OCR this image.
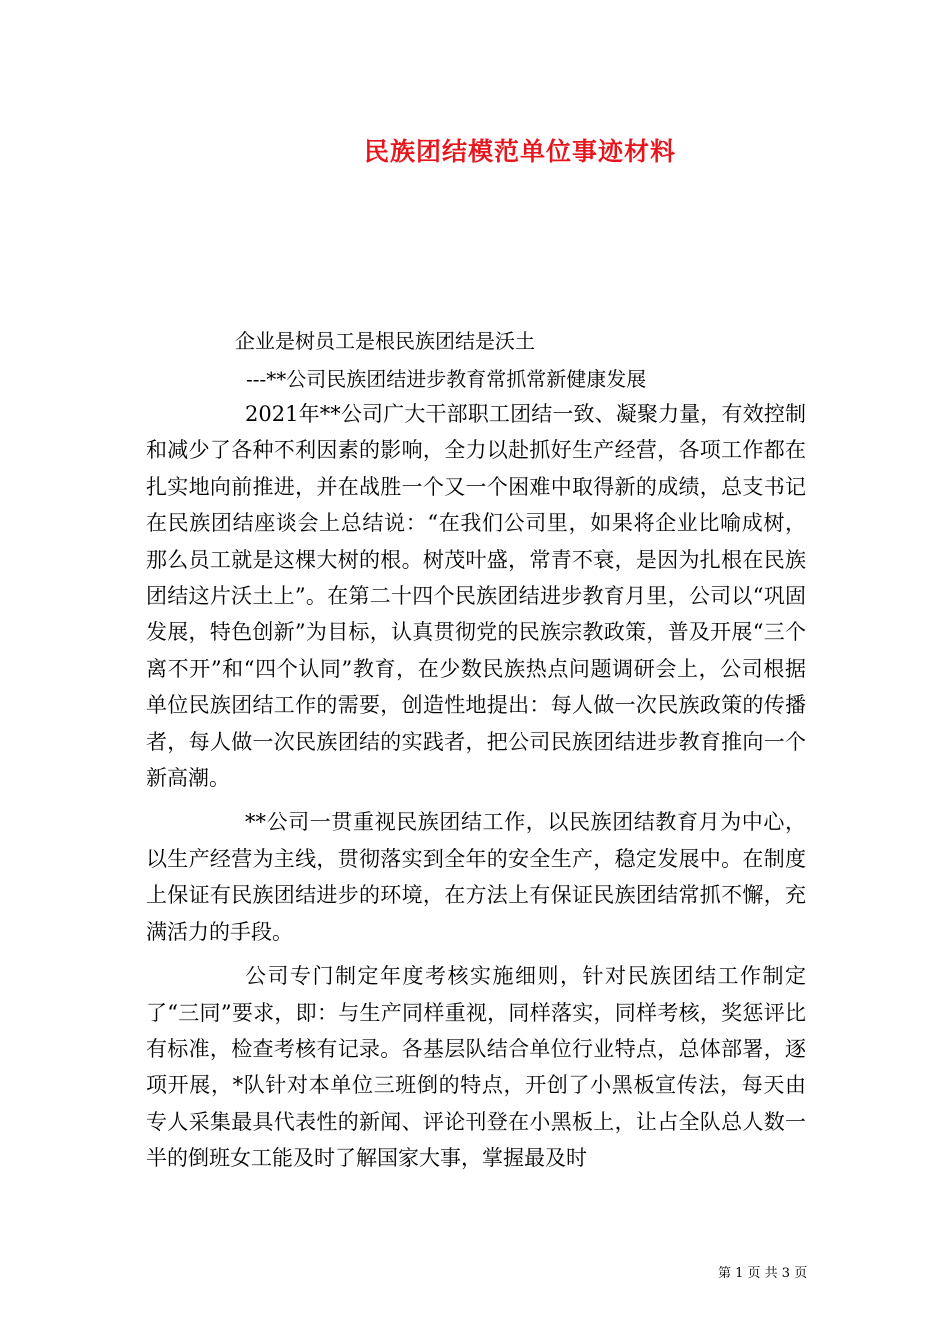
民族团结模范单位事迹材料
企业是树员工是根民族团结是沃土
---**公司民族团结进步教育常抓常新健康发展

2021年**公司广大干部职工团结一致、凝聚力量，有效控制和减少了各种不利因素的影响，全力以赴抓好生产经营，各项工作都在扎实地向前推进，并在战胜一个又一个困难中取得新的成绩，总支书记在民族团结座谈会上总结说：“在我们公司里，如果将企业比喻成树，那么员工就是这棵大树的根。树茂叶盛，常青不衰，是因为扎根在民族团结这片沃土上”。在第二十四个民族团结进步教育月里，公司以“巩固发展，特色创新”为目标，认真贯彻党的民族宗教政策，普及开展“三个离不开”和“四个认同”教育，在少数民族热点问题调研会上，公司根据单位民族团结工作的需要，创造性地提出：每人做一次民族政策的传播者，每人做一次民族团结的实践者，把公司民族团结进步教育推向一个新高潮。

**公司一贯重视民族团结工作，以民族团结教育月为中心，以生产经营为主线，贯彻落实到全年的安全生产，稳定发展中。在制度上保证有民族团结进步的环境，在方法上有保证民族团结常抓不懈，充满活力的手段。

公司专门制定年度考核实施细则，针对民族团结工作制定了“三同”要求，即：与生产同样重视，同样落实，同样考核，奖惩评比有标准，检查考核有记录。各基层队结合单位行业特点，总体部署，逐项开展，*队针对本单位三班倒的特点，开创了小黑板宣传法，每天由专人采集最具代表性的新闻、评论刊登在小黑板上，让占全队总人数一半的倒班女工能及时了解国家大事，掌握最及时

第 1 页 共 3 页
